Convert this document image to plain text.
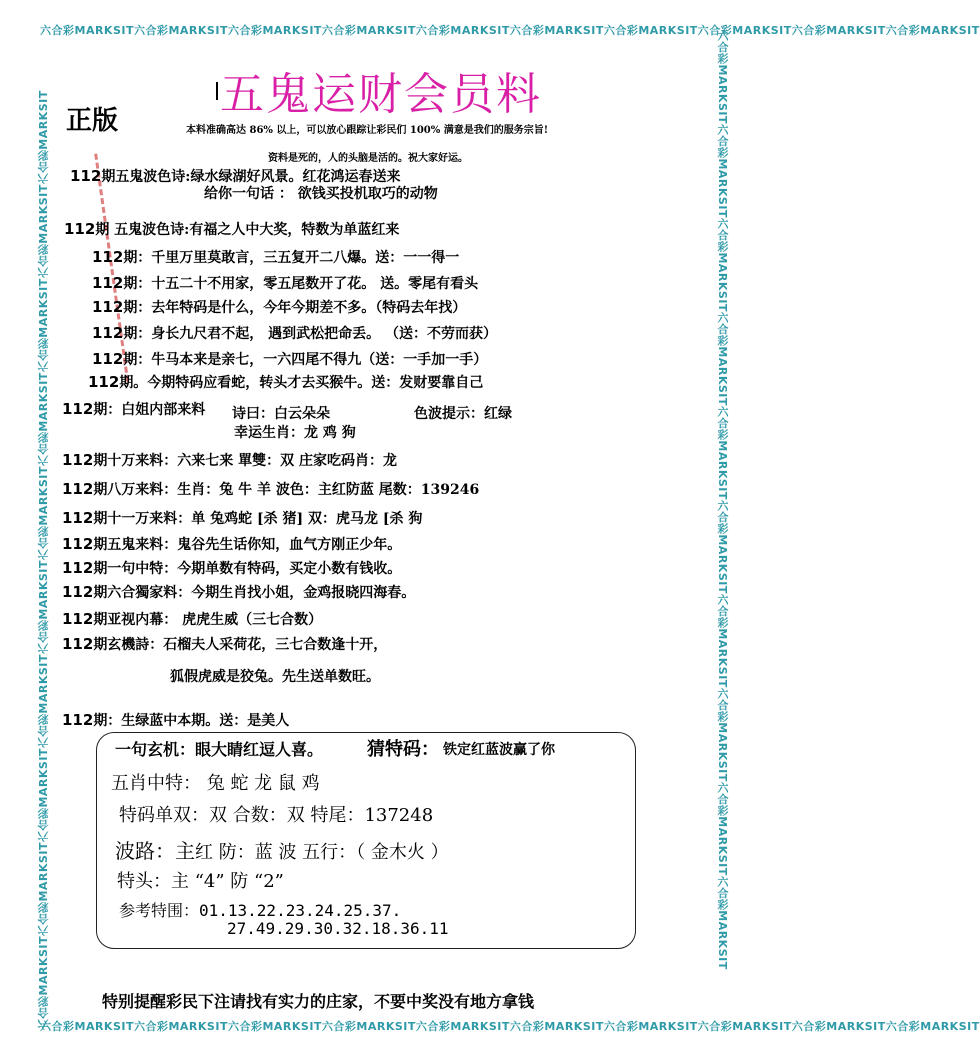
六合彩MARKSIT六合彩MARKSIT六合彩MARKSIT六合彩MARKSIT六合彩MARKSIT六合彩MARKSIT六合彩MARKSIT六合彩MARKSIT六合彩MARKSIT六合彩MARKSIT
六合彩MARKSIT六合彩MARKSIT六合彩MARKSIT六合彩MARKSIT六合彩MARKSIT六合彩MARKSIT六合彩MARKSIT六合彩MARKSIT六合彩MARKSIT六合彩MARKSIT
六合彩MARKSIT六合彩MARKSIT六合彩MARKSIT六合彩MARKSIT六合彩MARKSIT六合彩MARKSIT六合彩MARKSIT六合彩MARKSIT六合彩MARKSIT六合彩MARKSIT	六合彩MARKSIT六合彩MARKSIT六合彩MARKSIT六合彩MARKSIT六合彩MARKSIT六合彩MARKSIT六合彩MARKSIT六合彩MARKSIT六合彩MARKSIT六合彩MARKSIT
五鬼运财会员料
正版	本料准确高达 86% 以上，可以放心跟踪让彩民们 100% 满意是我们的服务宗旨!
资料是死的，人的头脑是活的。祝大家好运。
112期五鬼波色诗:绿水绿湖好风景。红花鸿运春送来
给你一句话 ： 欲钱买投机取巧的动物
112期 五鬼波色诗:有福之人中大奖，特数为单蓝红来
112期：千里万里莫敢言，三五复开二八爆。送：一一得一
112期：十五二十不用家，零五尾数开了花。 送。零尾有看头
112期：去年特码是什么，今年今期差不多。（特码去年找）
112期：身长九尺君不起， 遇到武松把命丢。 （送：不劳而获）
112期：牛马本来是亲七，一六四尾不得九（送：一手加一手）
112期。今期特码应看蛇，转头才去买猴牛。送：发财要靠自己
112期：白姐内部来料 诗曰：白云朵朵	色波提示：红绿
幸运生肖：龙 鸡 狗
112期十万来料：六来七来 單雙：双 庄家吃码肖：龙
112期八万来料：生肖：兔 牛 羊 波色：主红防蓝 尾数：139246
112期十一万来料：单 兔鸡蛇 [杀 猪] 双：虎马龙 [杀 狗
112期五鬼来料：鬼谷先生话你知，血气方刚正少年。
112期一句中特：今期单数有特码，买定小数有钱收。
112期六合獨家料：今期生肖找小姐，金鸡报晓四海春。
112期亚视内幕： 虎虎生威（三七合数）
112期玄機詩：石榴夫人采荷花，三七合数逢十开，
狐假虎威是狡兔。先生送单数旺。
112期：生绿蓝中本期。送：是美人
一句玄机：眼大睛红逗人喜。 猜特码： 铁定红蓝波赢了你
五肖中特： 兔 蛇 龙 鼠 鸡
特码单双：双 合数：双 特尾：137248
波路：主红 防：蓝 波 五行：（ 金木火 ）
特头：主 “4” 防 “2”
参考特围：01.13.22.23.24.25.37.
27.49.29.30.32.18.36.11
特别提醒彩民下注请找有实力的庄家，不要中奖没有地方拿钱
